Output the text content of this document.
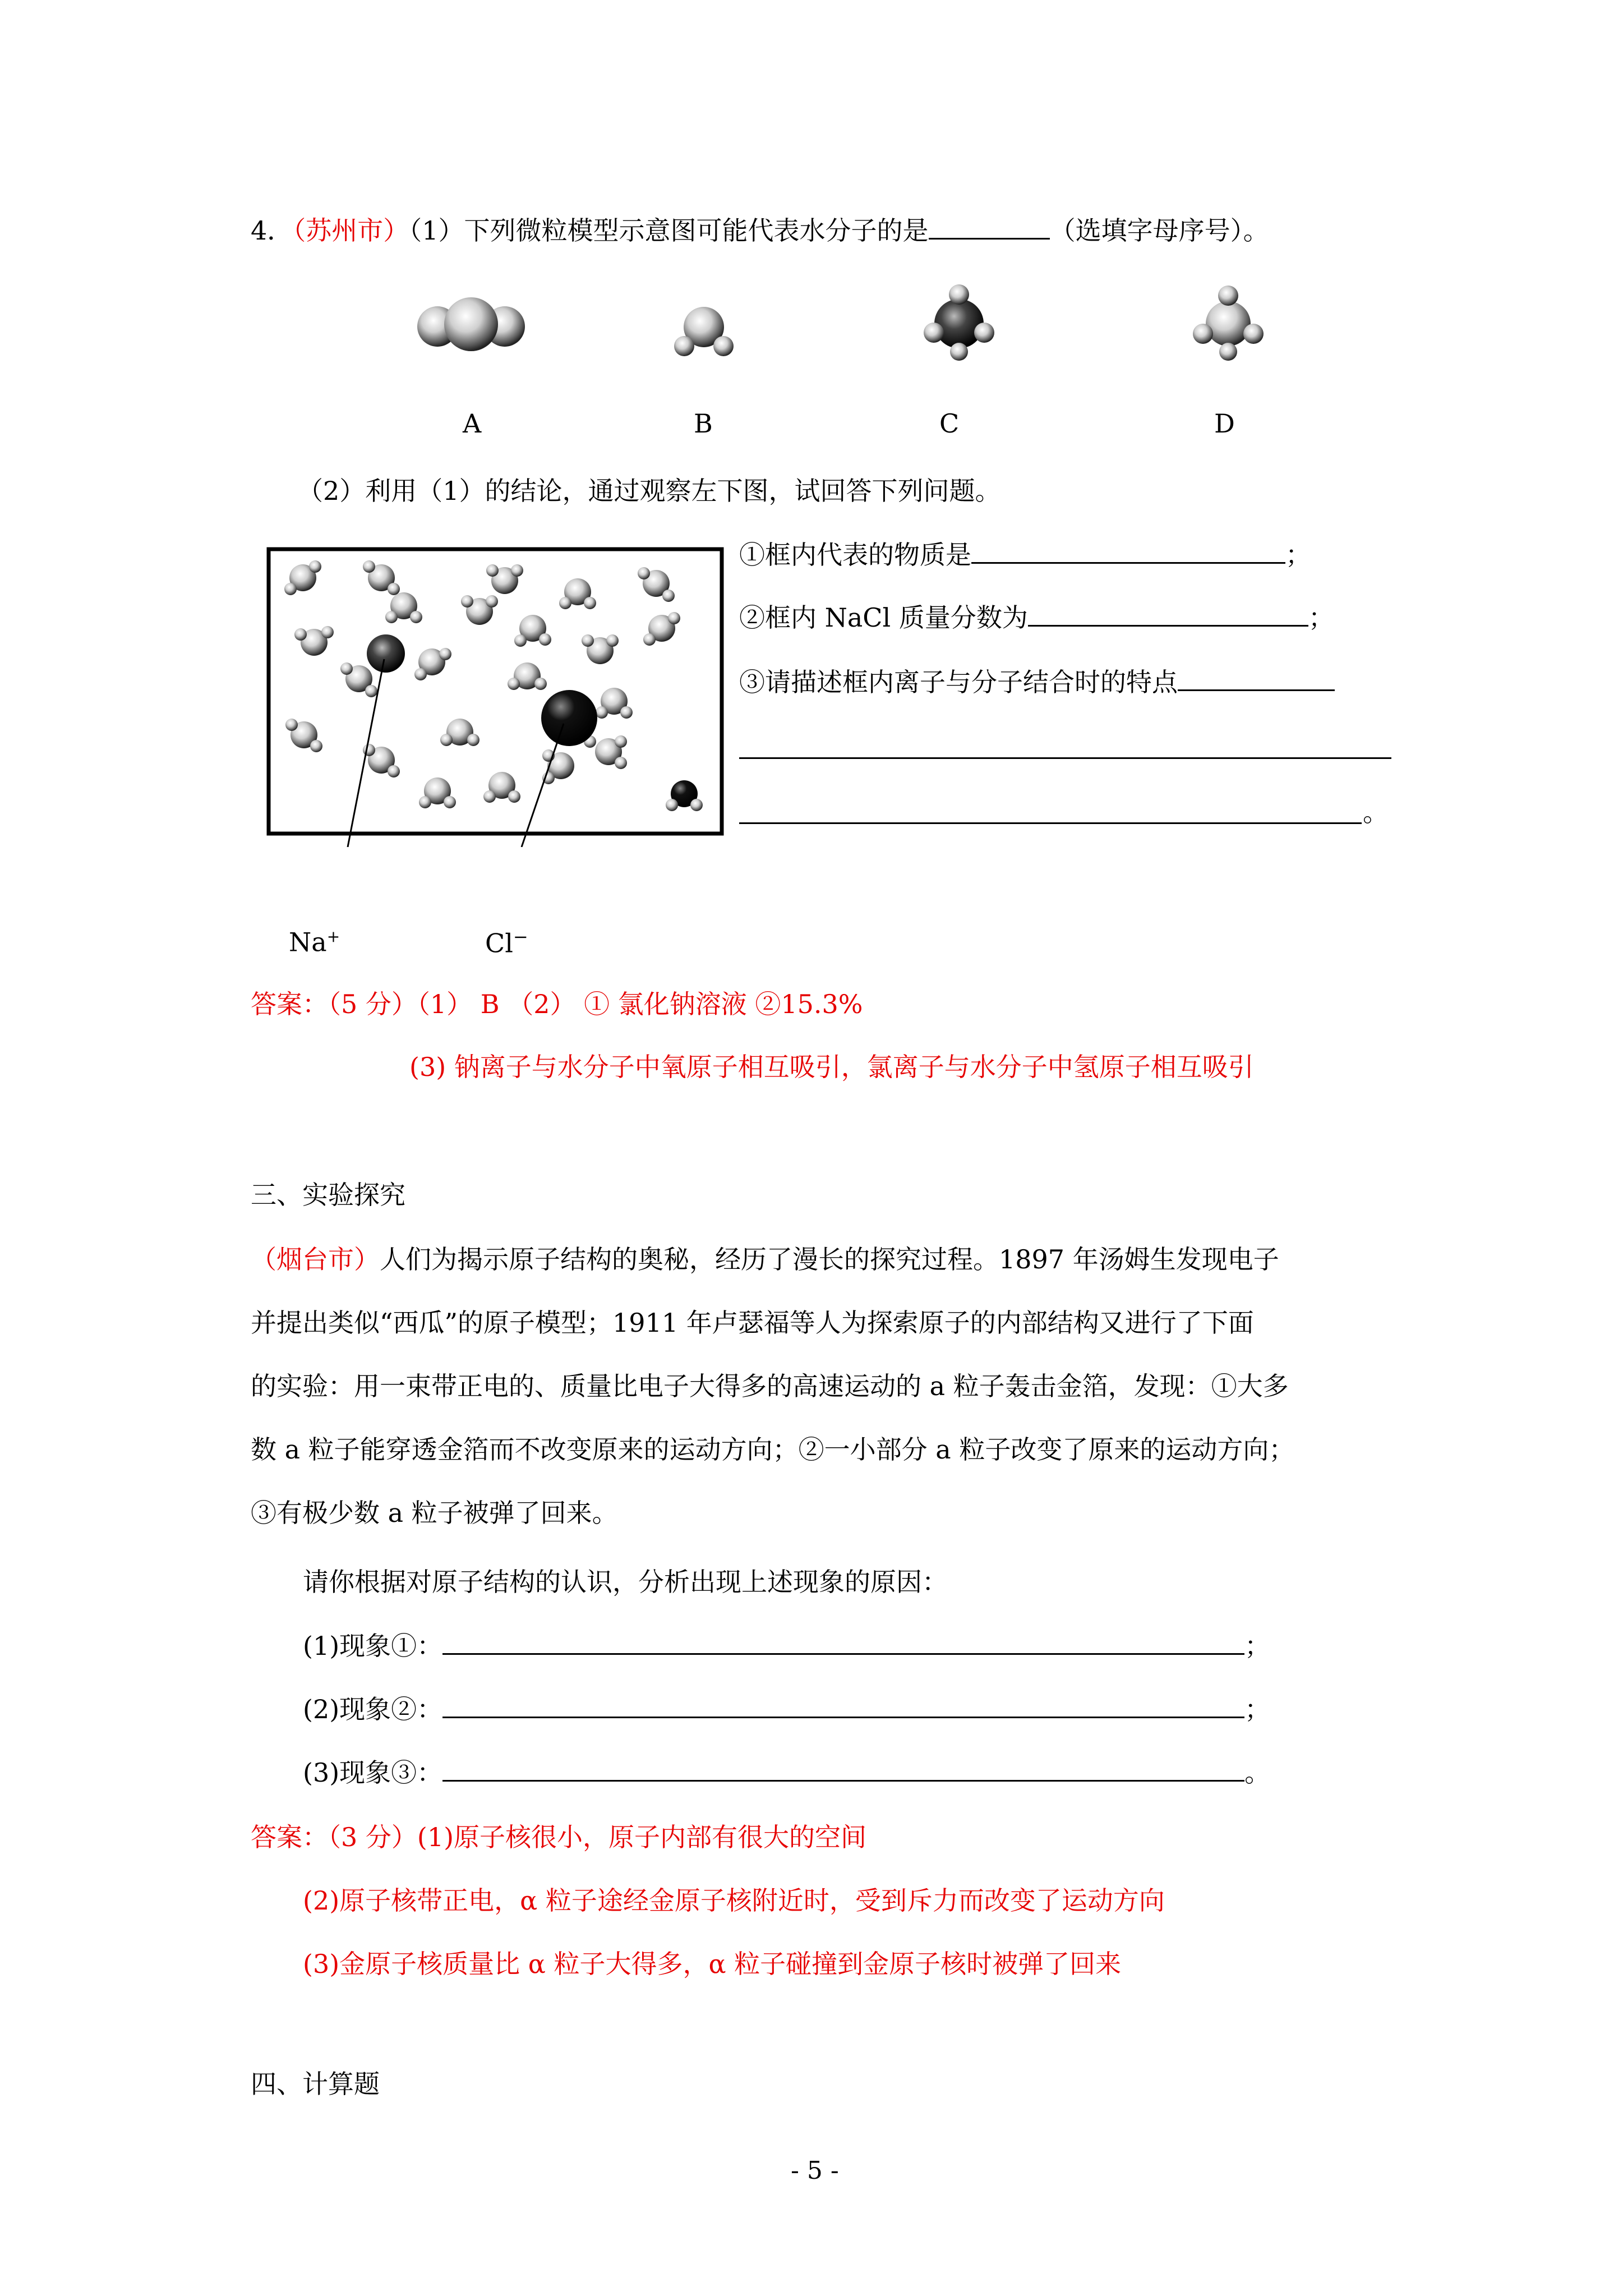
4．（苏州市）（1）下列微粒模型示意图可能代表水分子的是	（选填字母序号）。
A	B	C	D
（2）利用（1）的结论，通过观察左下图，试回答下列问题。
①框内代表的物质是	；
②框内 NaCl 质量分数为	；
③请描述框内离子与分子结合时的特点
。
Na+	Cl−
答案：（5 分）（1） B （2） ① 氯化钠溶液 ②15.3%
(3) 钠离子与水分子中氧原子相互吸引，氯离子与水分子中氢原子相互吸引
三、实验探究
（烟台市）人们为揭示原子结构的奥秘，经历了漫长的探究过程。1897 年汤姆生发现电子
并提出类似“西瓜”的原子模型；1911 年卢瑟福等人为探索原子的内部结构又进行了下面
的实验：用一束带正电的、质量比电子大得多的高速运动的 a 粒子轰击金箔，发现：①大多
数 a 粒子能穿透金箔而不改变原来的运动方向；②一小部分 a 粒子改变了原来的运动方向；
③有极少数 a 粒子被弹了回来。
请你根据对原子结构的认识，分析出现上述现象的原因：
(1)现象①：	；
(2)现象②：	；
(3)现象③：	。
答案：（3 分）(1)原子核很小，原子内部有很大的空间
(2)原子核带正电，α 粒子途经金原子核附近时，受到斥力而改变了运动方向
(3)金原子核质量比 α 粒子大得多，α 粒子碰撞到金原子核时被弹了回来
四、计算题
- 5 -
